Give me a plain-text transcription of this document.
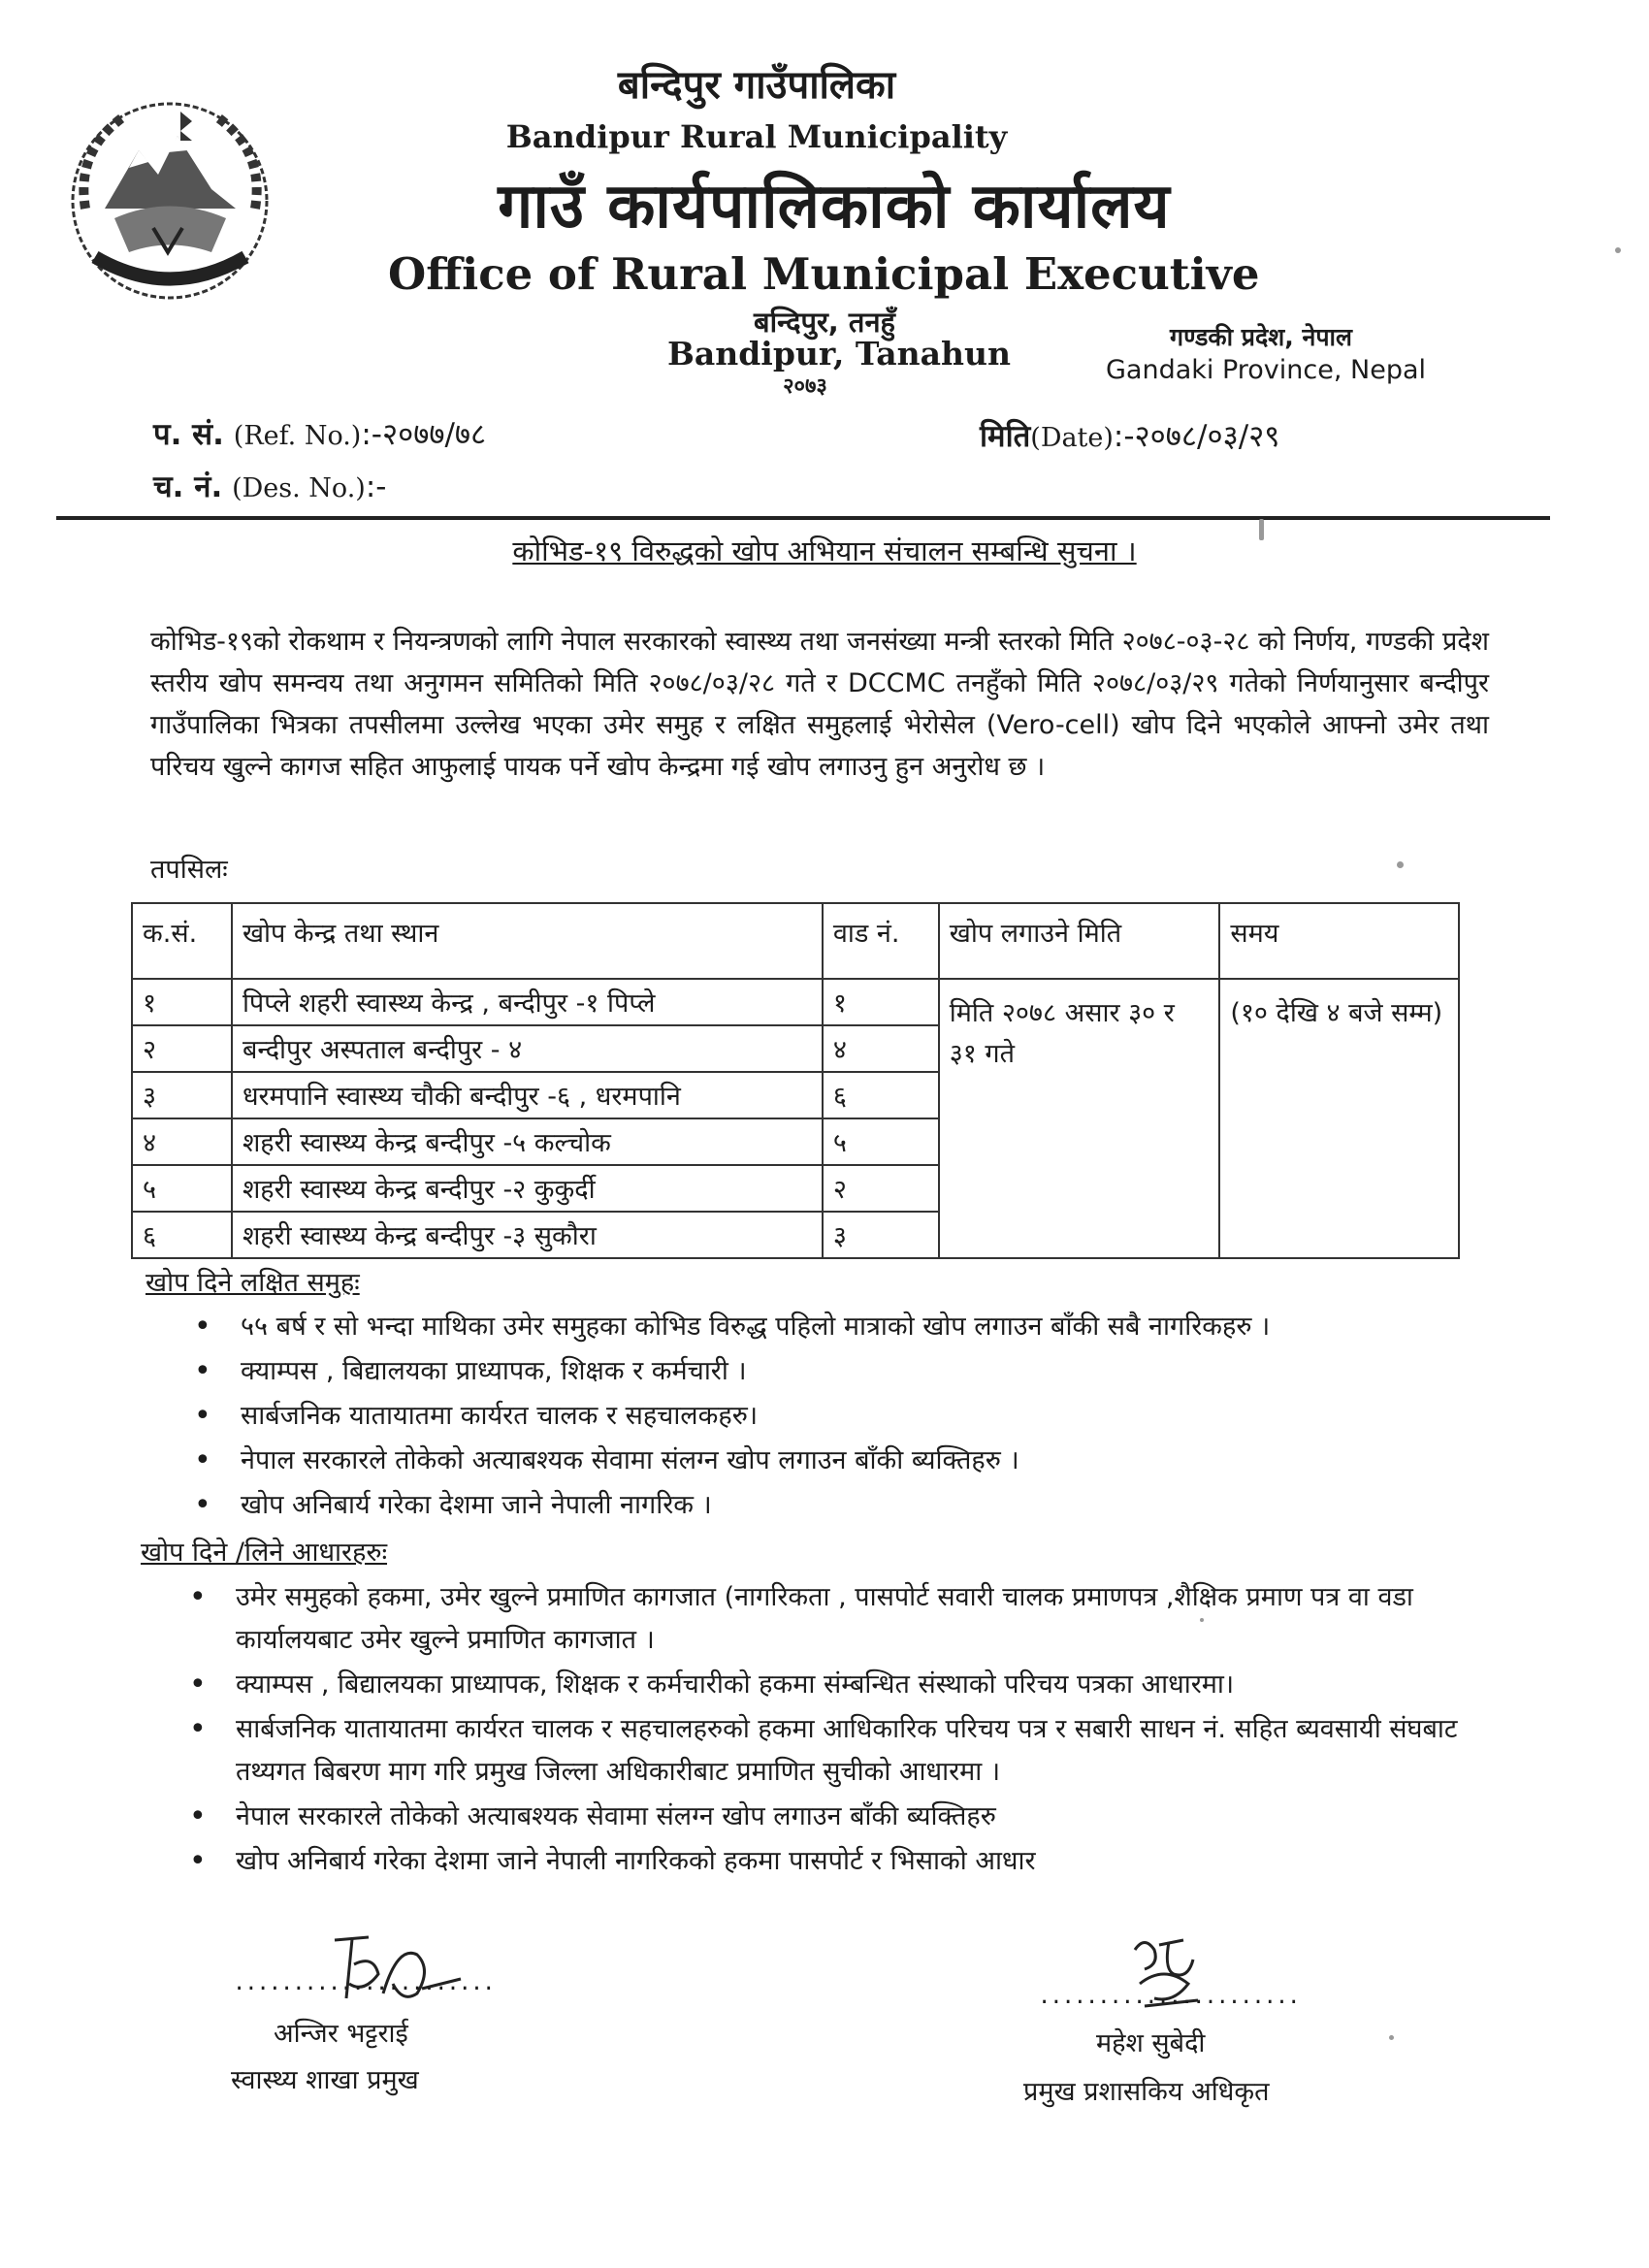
बन्दिपुर गाउँपालिका
Bandipur Rural Municipality
गाउँ कार्यपालिकाको कार्यालय
Office of Rural Municipal Executive
बन्दिपुर, तनहुँ
Bandipur, Tanahun
२०७३
गण्डकी प्रदेश, नेपाल
Gandaki Province, Nepal
प. सं. (Ref. No.):-२०७७/७८
च. नं. (Des. No.):-
मिति(Date):-२०७८/०३/२९
कोभिड-१९ विरुद्धको खोप अभियान संचालन सम्बन्धि सुचना ।
कोभिड-१९को रोकथाम र नियन्त्रणको लागि नेपाल सरकारको स्वास्थ्य तथा जनसंख्या मन्त्री स्तरको मिति २०७८-०३-२८ को निर्णय, गण्डकी प्रदेश स्तरीय खोप समन्वय तथा अनुगमन समितिको मिति २०७८/०३/२८ गते र DCCMC तनहुँको मिति २०७८/०३/२९ गतेको निर्णयानुसार बन्दीपुर गाउँपालिका भित्रका तपसीलमा उल्लेख भएका उमेर समुह र लक्षित समुहलाई भेरोसेल (Vero-cell) खोप दिने भएकोले आफ्नो उमेर तथा परिचय खुल्ने कागज सहित आफुलाई पायक पर्ने खोप केन्द्रमा गई खोप लगाउनु हुन अनुरोध छ ।
तपसिलः
क.सं.	खोप केन्द्र तथा स्थान	वाड नं.	खोप लगाउने मिति	समय
१	पिप्ले शहरी स्वास्थ्य केन्द्र , बन्दीपुर -१ पिप्ले	१	मिति २०७८ असार ३० र ३१ गते	(१० देखि ४ बजे सम्म)
२	बन्दीपुर अस्पताल बन्दीपुर - ४	४		
३	धरमपानि स्वास्थ्य चौकी बन्दीपुर -६ , धरमपानि	६		
४	शहरी स्वास्थ्य केन्द्र बन्दीपुर -५ कल्चोक	५		
५	शहरी स्वास्थ्य केन्द्र बन्दीपुर -२ कुकुर्दी	२		
६	शहरी स्वास्थ्य केन्द्र बन्दीपुर -३ सुकौरा	३		
खोप दिने लक्षित समुहः
• ५५ बर्ष र सो भन्दा माथिका उमेर समुहका कोभिड विरुद्ध पहिलो मात्राको खोप लगाउन बाँकी सबै नागरिकहरु ।
• क्याम्पस , बिद्यालयका प्राध्यापक, शिक्षक र कर्मचारी ।
• सार्बजनिक यातायातमा कार्यरत चालक र सहचालकहरु।
• नेपाल सरकारले तोकेको अत्याबश्यक सेवामा संलग्न खोप लगाउन बाँकी ब्यक्तिहरु ।
• खोप अनिबार्य गरेका देशमा जाने नेपाली नागरिक ।
खोप दिने /लिने आधारहरुः
• उमेर समुहको हकमा, उमेर खुल्ने प्रमाणित कागजात (नागरिकता , पासपोर्ट सवारी चालक प्रमाणपत्र ,शैक्षिक प्रमाण पत्र वा वडा कार्यालयबाट उमेर खुल्ने प्रमाणित कागजात ।
• क्याम्पस , बिद्यालयका प्राध्यापक, शिक्षक र कर्मचारीको हकमा संम्बन्धित संस्थाको परिचय पत्रका आधारमा।
• सार्बजनिक यातायातमा कार्यरत चालक र सहचालहरुको हकमा आधिकारिक परिचय पत्र र सबारी साधन नं. सहित ब्यवसायी संघबाट तथ्यगत बिबरण माग गरि प्रमुख जिल्ला अधिकारीबाट प्रमाणित सुचीको आधारमा ।
• नेपाल सरकारले तोकेको अत्याबश्यक सेवामा संलग्न खोप लगाउन बाँकी ब्यक्तिहरु
• खोप अनिबार्य गरेका देशमा जाने नेपाली नागरिकको हकमा पासपोर्ट र भिसाको आधार
......................
अन्जिर भट्टराई
स्वास्थ्य शाखा प्रमुख
......................
महेश सुबेदी
प्रमुख प्रशासकिय अधिकृत
